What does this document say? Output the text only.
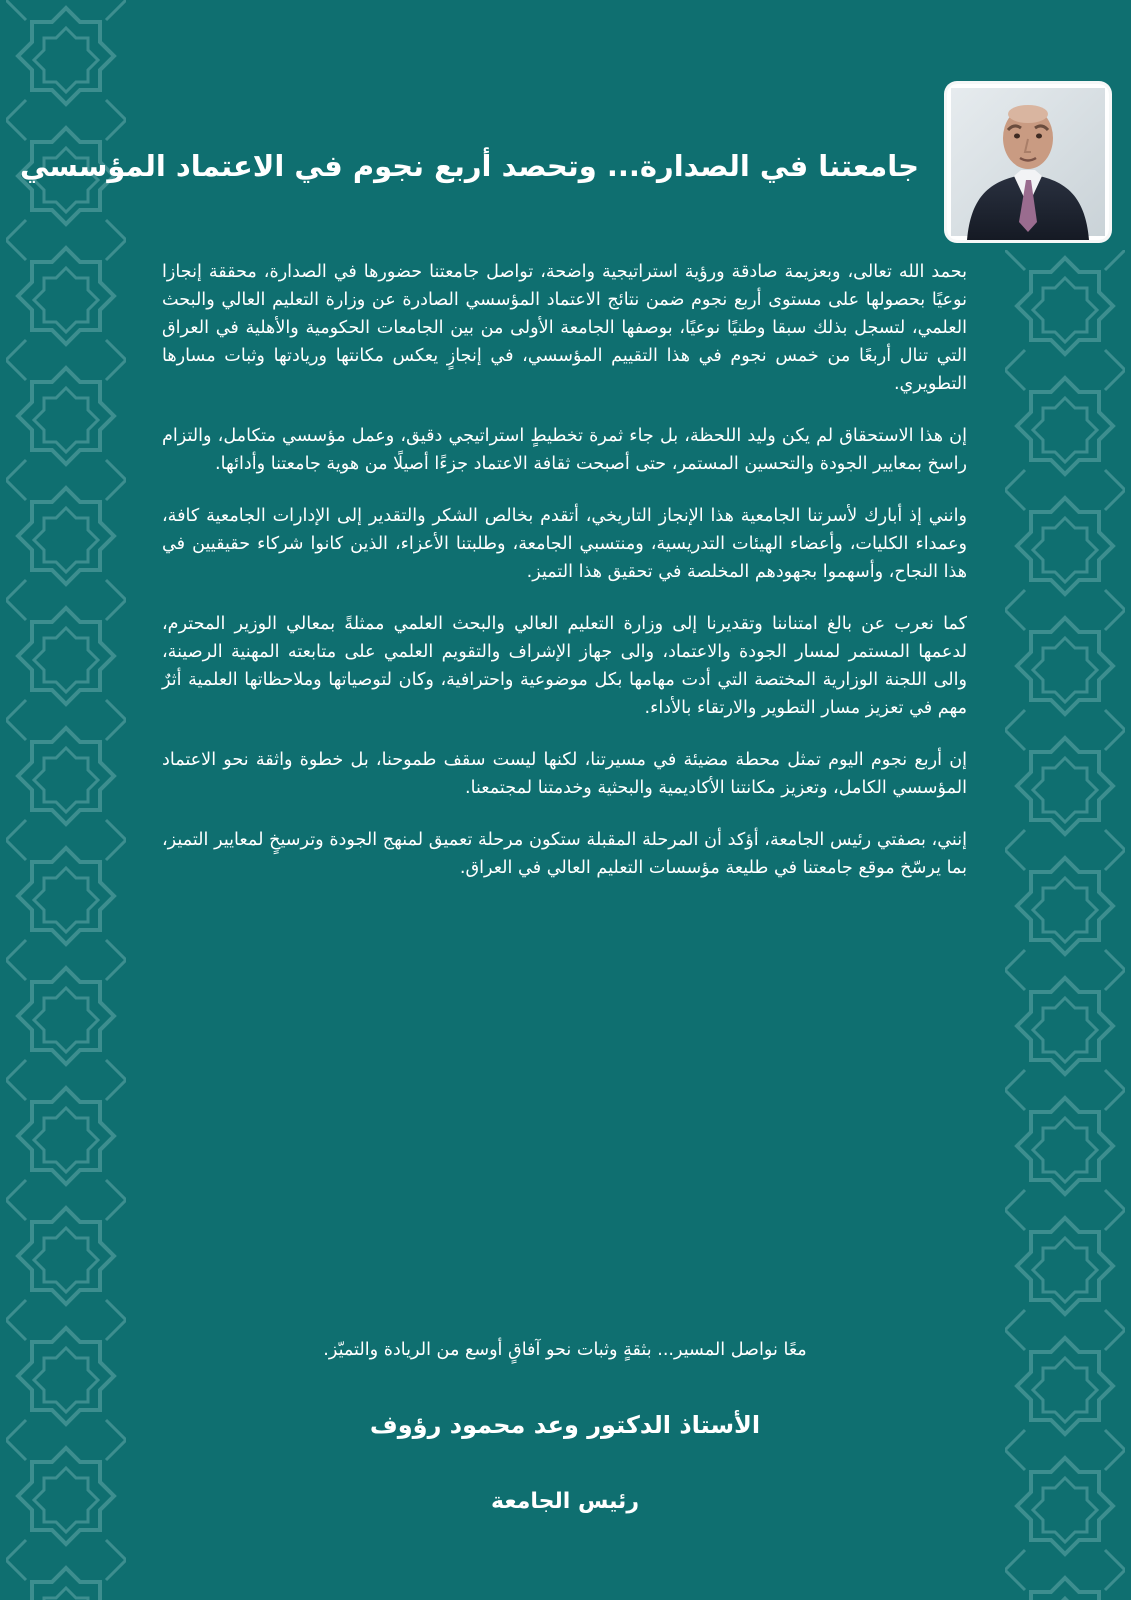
جامعتنا في الصدارة... وتحصد أربع نجوم في الاعتماد المؤسسي

بحمد الله تعالى، وبعزيمة صادقة ورؤية استراتيجية واضحة، تواصل جامعتنا حضورها في الصدارة، محققة إنجازا نوعيًا بحصولها على مستوى أربع نجوم ضمن نتائج الاعتماد المؤسسي الصادرة عن وزارة التعليم العالي والبحث العلمي، لتسجل بذلك سبقا وطنيًا نوعيًا، بوصفها الجامعة الأولى من بين الجامعات الحكومية والأهلية في العراق التي تنال أربعًا من خمس نجوم في هذا التقييم المؤسسي، في إنجازٍ يعكس مكانتها وريادتها وثبات مسارها التطويري.

إن هذا الاستحقاق لم يكن وليد اللحظة، بل جاء ثمرة تخطيطٍ استراتيجي دقيق، وعمل مؤسسي متكامل، والتزام راسخ بمعايير الجودة والتحسين المستمر، حتى أصبحت ثقافة الاعتماد جزءًا أصيلًا من هوية جامعتنا وأدائها.

وانني إذ أبارك لأسرتنا الجامعية هذا الإنجاز التاريخي، أتقدم بخالص الشكر والتقدير إلى الإدارات الجامعية كافة، وعمداء الكليات، وأعضاء الهيئات التدريسية، ومنتسبي الجامعة، وطلبتنا الأعزاء، الذين كانوا شركاء حقيقيين في هذا النجاح، وأسهموا بجهودهم المخلصة في تحقيق هذا التميز.

كما نعرب عن بالغ امتناننا وتقديرنا إلى وزارة التعليم العالي والبحث العلمي ممثلةً بمعالي الوزير المحترم، لدعمها المستمر لمسار الجودة والاعتماد، والى جهاز الإشراف والتقويم العلمي على متابعته المهنية الرصينة، والى اللجنة الوزارية المختصة التي أدت مهامها بكل موضوعية واحترافية، وكان لتوصياتها وملاحظاتها العلمية أثرٌ مهم في تعزيز مسار التطوير والارتقاء بالأداء.

إن أربع نجوم اليوم تمثل محطة مضيئة في مسيرتنا، لكنها ليست سقف طموحنا، بل خطوة واثقة نحو الاعتماد المؤسسي الكامل، وتعزيز مكانتنا الأكاديمية والبحثية وخدمتنا لمجتمعنا.

إنني، بصفتي رئيس الجامعة، أؤكد أن المرحلة المقبلة ستكون مرحلة تعميق لمنهج الجودة وترسيخٍ لمعايير التميز، بما يرسّخ موقع جامعتنا في طليعة مؤسسات التعليم العالي في العراق.

معًا نواصل المسير... بثقةٍ وثبات نحو آفاقٍ أوسع من الريادة والتميّز.
الأستاذ الدكتور وعد محمود رؤوف
رئيس الجامعة
